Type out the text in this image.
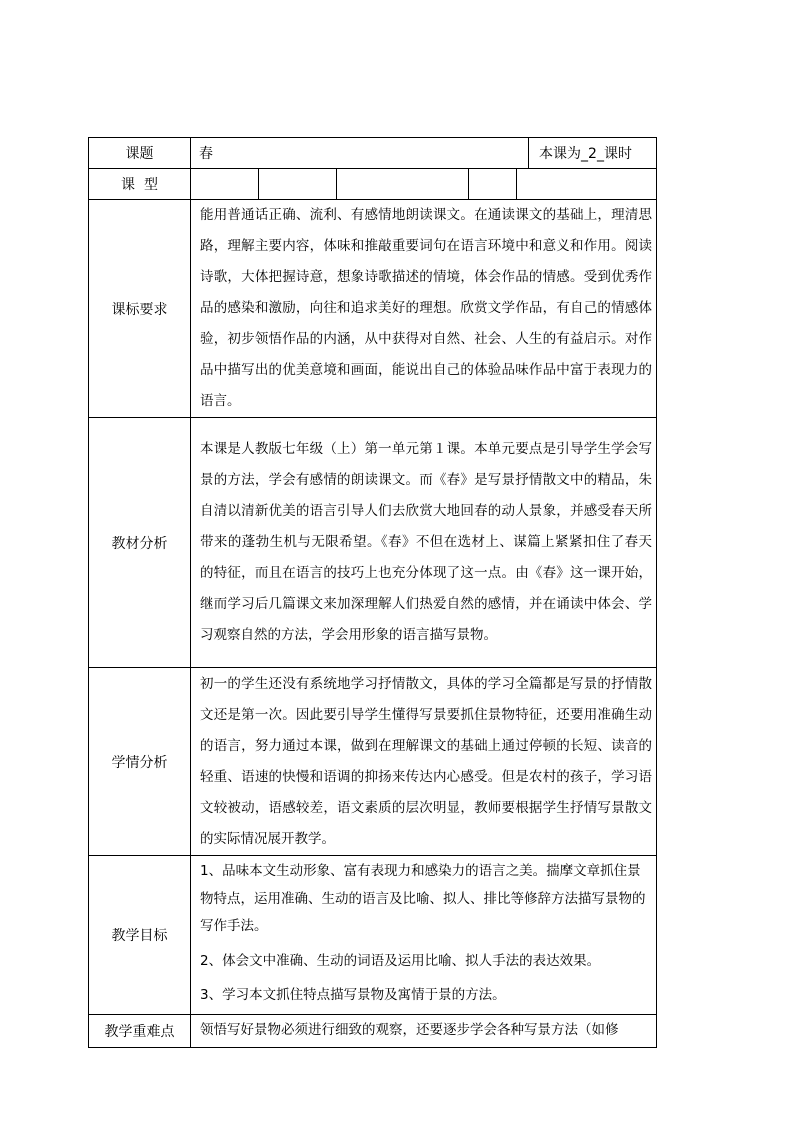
课题	春					本课为_2_课时
课  型						
课标要求	能用普通话正确、流利、有感情地朗读课文。在通读课文的基础上，理清思路，理解主要内容，体味和推敲重要词句在语言环境中和意义和作用。阅读诗歌，大体把握诗意，想象诗歌描述的情境，体会作品的情感。受到优秀作品的感染和激励，向往和追求美好的理想。欣赏文学作品，有自己的情感体验，初步领悟作品的内涵，从中获得对自然、社会、人生的有益启示。对作品中描写出的优美意境和画面，能说出自己的体验品味作品中富于表现力的语言。					
教材分析	本课是人教版七年级（上）第一单元第１课。本单元要点是引导学生学会写景的方法，学会有感情的朗读课文。而《春》是写景抒情散文中的精品，朱自清以清新优美的语言引导人们去欣赏大地回春的动人景象，并感受春天所带来的蓬勃生机与无限希望。《春》不但在选材上、谋篇上紧紧扣住了春天的特征，而且在语言的技巧上也充分体现了这一点。由《春》这一课开始，继而学习后几篇课文来加深理解人们热爱自然的感情，并在诵读中体会、学习观察自然的方法，学会用形象的语言描写景物。					
学情分析	初一的学生还没有系统地学习抒情散文，具体的学习全篇都是写景的抒情散文还是第一次。因此要引导学生懂得写景要抓住景物特征，还要用准确生动的语言，努力通过本课，做到在理解课文的基础上通过停顿的长短、读音的轻重、语速的快慢和语调的抑扬来传达内心感受。但是农村的孩子，学习语文较被动，语感较差，语文素质的层次明显，教师要根据学生抒情写景散文的实际情况展开教学。					
教学目标	1、品味本文生动形象、富有表现力和感染力的语言之美。揣摩文章抓住景物特点，运用准确、生动的语言及比喻、拟人、排比等修辞方法描写景物的写作手法。

2、体会文中准确、生动的词语及运用比喻、拟人手法的表达效果。

3、学习本文抓住特点描写景物及寓情于景的方法。					

教学重难点	领悟写好景物必须进行细致的观察，还要逐步学会各种写景方法（如修					
